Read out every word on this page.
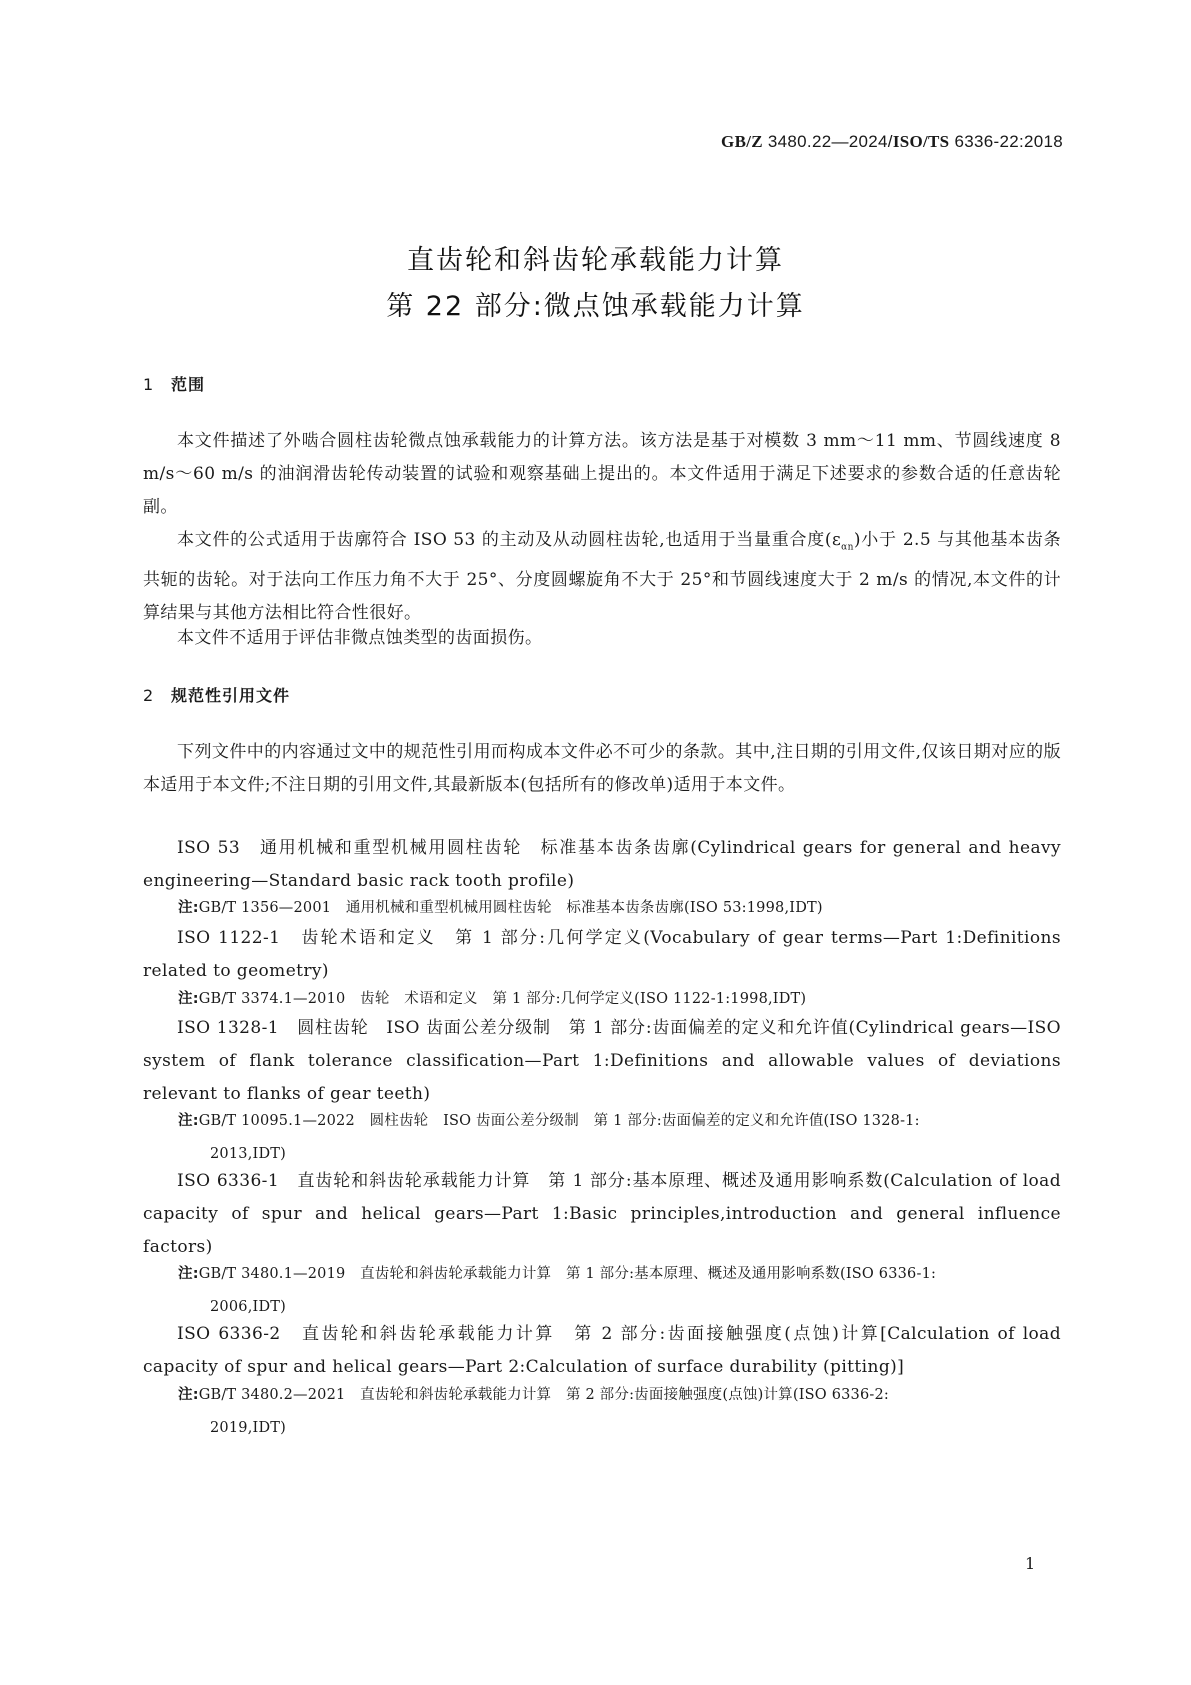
GB/Z 3480.22—2024/ISO/TS 6336-22:2018
直齿轮和斜齿轮承载能力计算
第 22 部分:微点蚀承载能力计算
1 范围
本文件描述了外啮合圆柱齿轮微点蚀承载能力的计算方法。该方法是基于对模数 3 mm～11 mm、节圆线速度 8 m/s～60 m/s 的油润滑齿轮传动装置的试验和观察基础上提出的。本文件适用于满足下述要求的参数合适的任意齿轮副。
本文件的公式适用于齿廓符合 ISO 53 的主动及从动圆柱齿轮,也适用于当量重合度$(\varepsilon_{\alpha n})$小于 2.5 与其他基本齿条共轭的齿轮。对于法向工作压力角不大于 25°、分度圆螺旋角不大于 25°和节圆线速度大于 2 m/s 的情况,本文件的计算结果与其他方法相比符合性很好。
本文件不适用于评估非微点蚀类型的齿面损伤。
2 规范性引用文件
下列文件中的内容通过文中的规范性引用而构成本文件必不可少的条款。其中,注日期的引用文件,仅该日期对应的版本适用于本文件;不注日期的引用文件,其最新版本(包括所有的修改单)适用于本文件。
ISO 53　通用机械和重型机械用圆柱齿轮　标准基本齿条齿廓(Cylindrical gears for general and heavy engineering—Standard basic rack tooth profile)
注:GB/T 1356—2001　通用机械和重型机械用圆柱齿轮　标准基本齿条齿廓(ISO 53:1998,IDT)
ISO 1122-1　齿轮术语和定义　第 1 部分:几何学定义(Vocabulary of gear terms—Part 1:Definitions related to geometry)
注:GB/T 3374.1—2010　齿轮　术语和定义　第 1 部分:几何学定义(ISO 1122-1:1998,IDT)
ISO 1328-1　圆柱齿轮　ISO 齿面公差分级制　第 1 部分:齿面偏差的定义和允许值(Cylindrical gears—ISO system of flank tolerance classification—Part 1:Definitions and allowable values of deviations relevant to flanks of gear teeth)
注:GB/T 10095.1—2022　圆柱齿轮　ISO 齿面公差分级制　第 1 部分:齿面偏差的定义和允许值(ISO 1328-1:
2013,IDT)
ISO 6336-1　直齿轮和斜齿轮承载能力计算　第 1 部分:基本原理、概述及通用影响系数(Calculation of load capacity of spur and helical gears—Part 1:Basic principles,introduction and general influence factors)
注:GB/T 3480.1—2019　直齿轮和斜齿轮承载能力计算　第 1 部分:基本原理、概述及通用影响系数(ISO 6336-1:
2006,IDT)
ISO 6336-2　直齿轮和斜齿轮承载能力计算　第 2 部分:齿面接触强度(点蚀)计算[Calculation of load capacity of spur and helical gears—Part 2:Calculation of surface durability (pitting)]
注:GB/T 3480.2—2021　直齿轮和斜齿轮承载能力计算　第 2 部分:齿面接触强度(点蚀)计算(ISO 6336-2:
2019,IDT)
1
